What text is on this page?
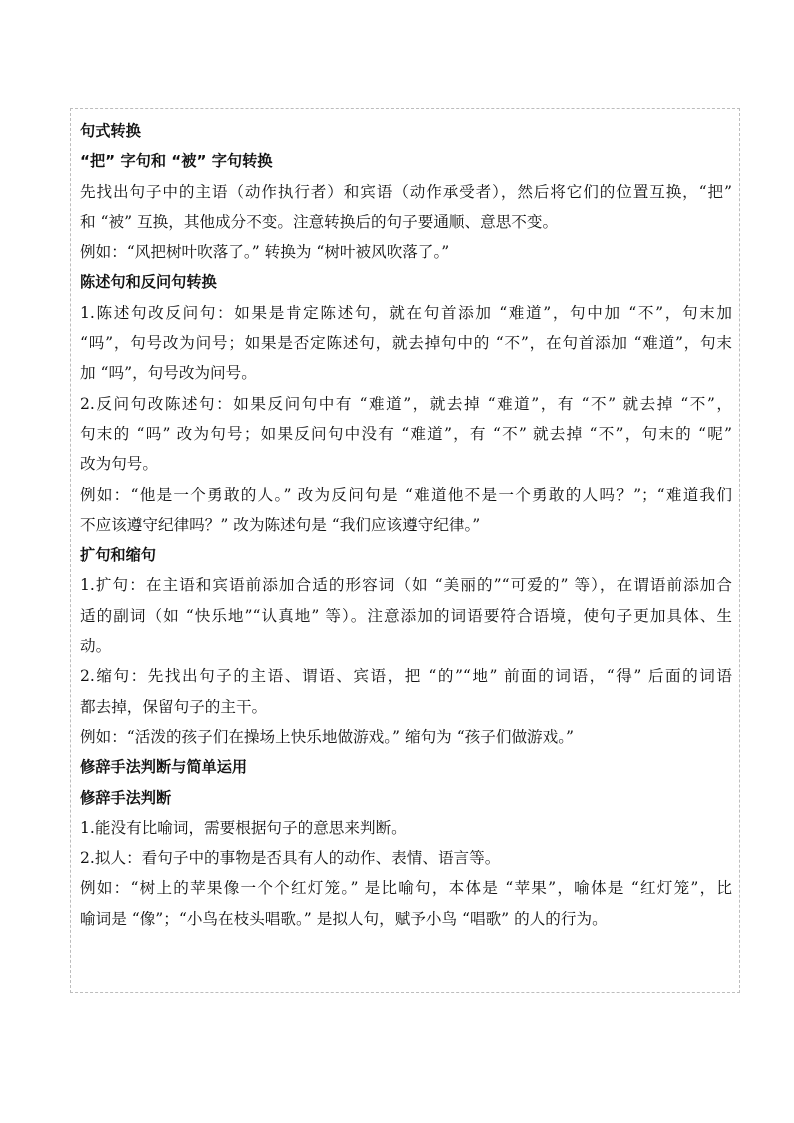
句式转换
“把” 字句和 “被” 字句转换
先找出句子中的主语（动作执行者）和宾语（动作承受者），然后将它们的位置互换，“把”
和 “被” 互换，其他成分不变。注意转换后的句子要通顺、意思不变。
例如：“风把树叶吹落了。” 转换为 “树叶被风吹落了。”
陈述句和反问句转换
1.陈述句改反问句：如果是肯定陈述句，就在句首添加 “难道”，句中加 “不”，句末加
“吗”，句号改为问号；如果是否定陈述句，就去掉句中的 “不”，在句首添加 “难道”，句末
加 “吗”，句号改为问号。
2.反问句改陈述句：如果反问句中有 “难道”，就去掉 “难道”，有 “不” 就去掉 “不”，
句末的 “吗” 改为句号；如果反问句中没有 “难道”，有 “不” 就去掉 “不”，句末的 “呢”
改为句号。
例如：“他是一个勇敢的人。” 改为反问句是 “难道他不是一个勇敢的人吗？”；“难道我们
不应该遵守纪律吗？” 改为陈述句是 “我们应该遵守纪律。”
扩句和缩句
1.扩句：在主语和宾语前添加合适的形容词（如 “美丽的”“可爱的” 等），在谓语前添加合
适的副词（如 “快乐地”“认真地” 等）。注意添加的词语要符合语境，使句子更加具体、生
动。
2.缩句：先找出句子的主语、谓语、宾语，把 “的”“地” 前面的词语，“得” 后面的词语
都去掉，保留句子的主干。
例如：“活泼的孩子们在操场上快乐地做游戏。” 缩句为 “孩子们做游戏。”
修辞手法判断与简单运用
修辞手法判断
1.能没有比喻词，需要根据句子的意思来判断。
2.拟人：看句子中的事物是否具有人的动作、表情、语言等。
例如：“树上的苹果像一个个红灯笼。” 是比喻句，本体是 “苹果”，喻体是 “红灯笼”，比
喻词是 “像”；“小鸟在枝头唱歌。” 是拟人句，赋予小鸟 “唱歌” 的人的行为。
